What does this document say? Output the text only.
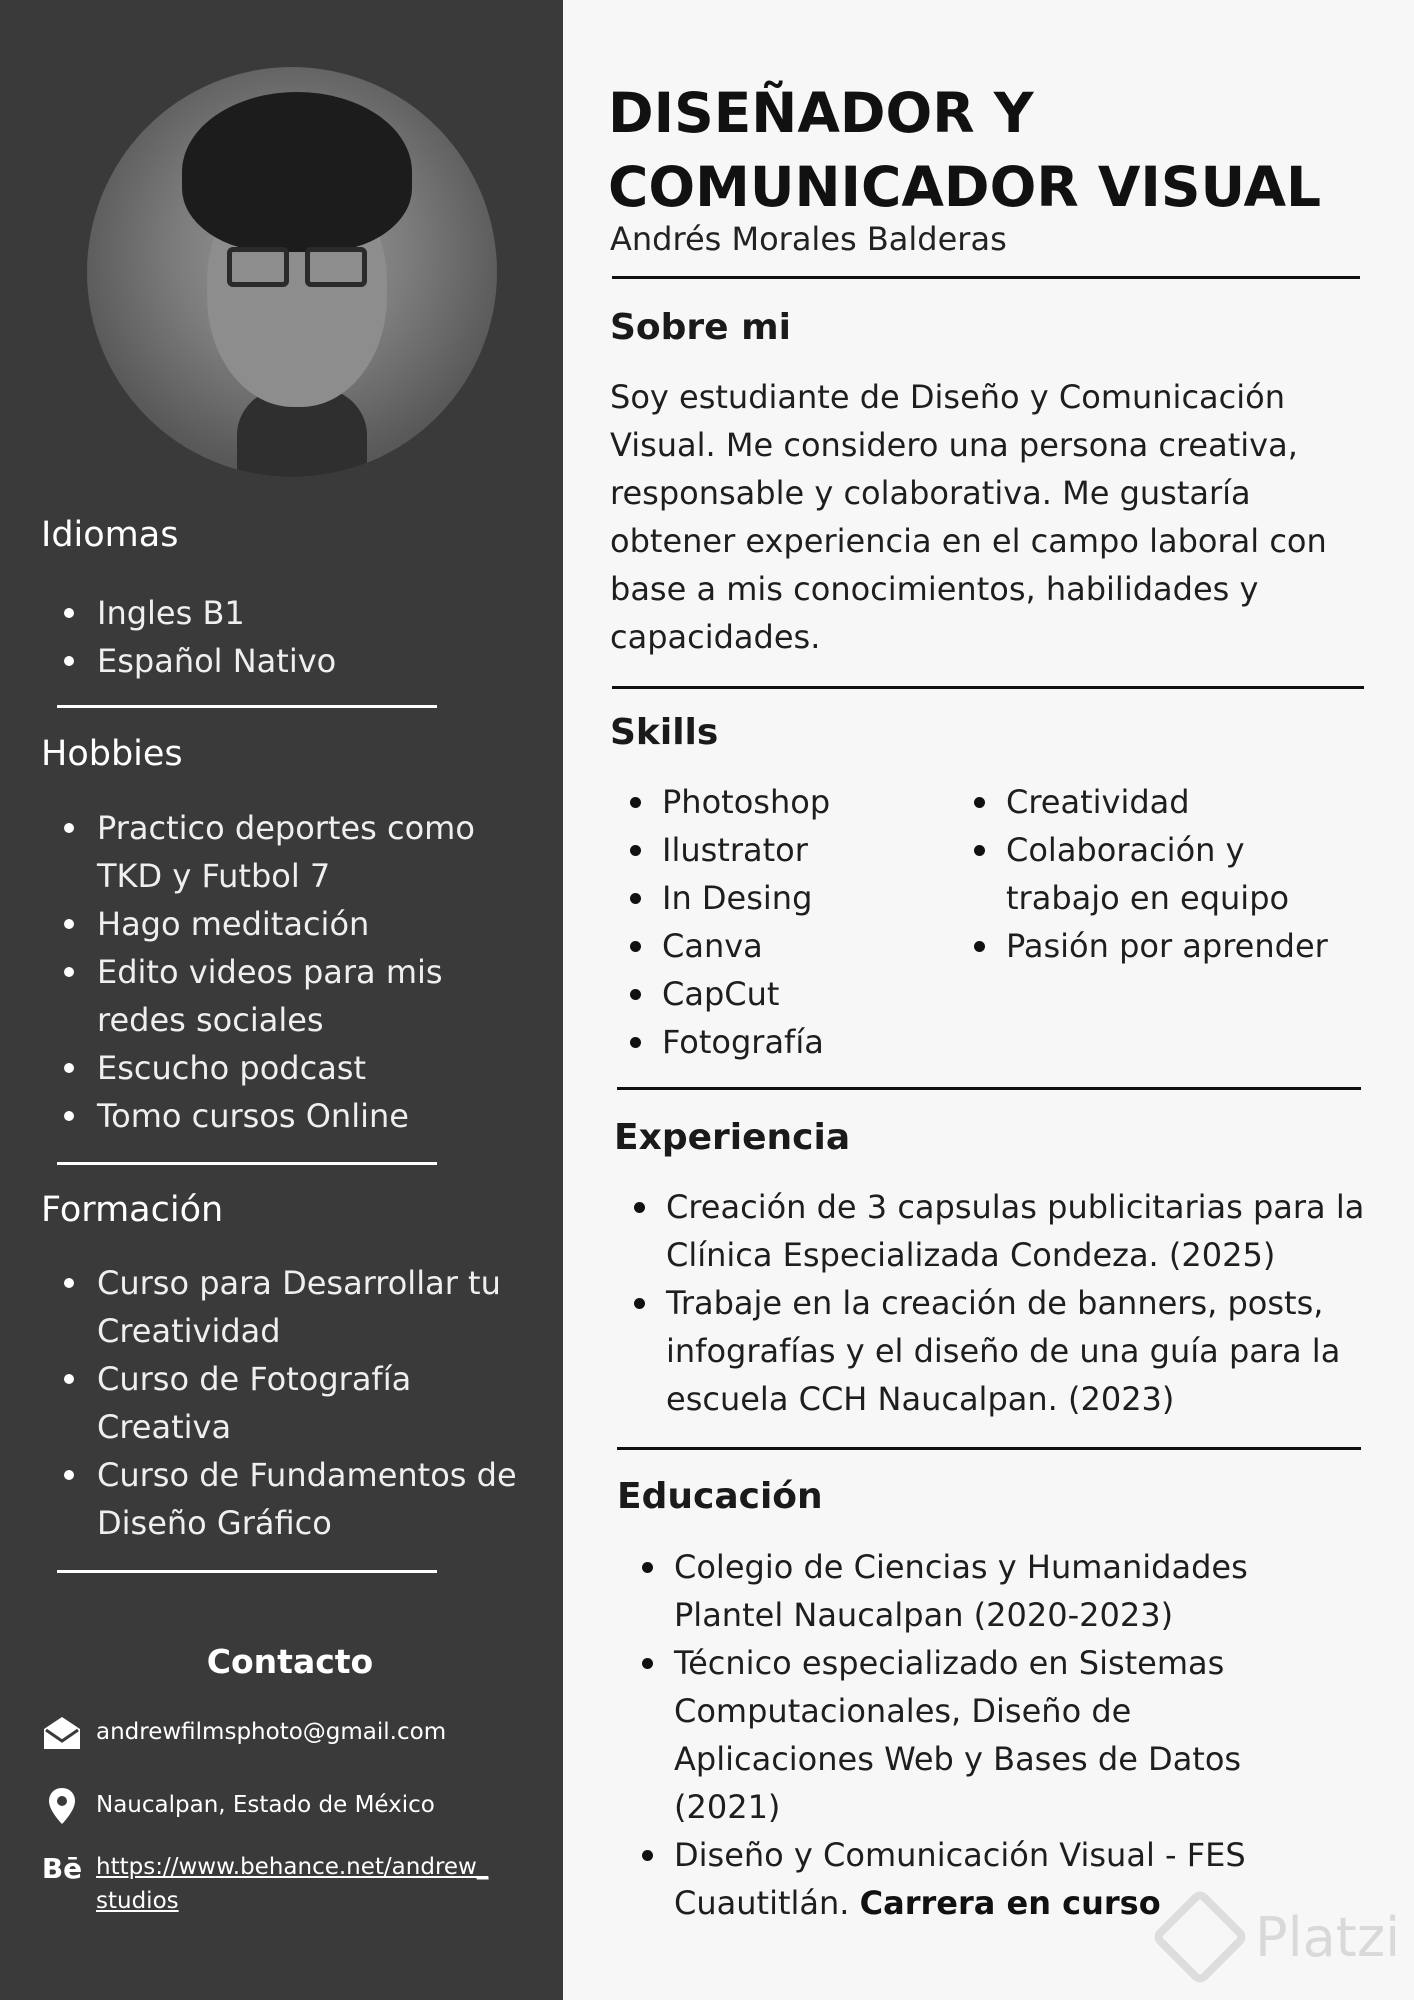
Idiomas
Ingles B1
Español Nativo
Hobbies
Practico deportes como TKD y Futbol 7
Hago meditación
Edito videos para mis redes sociales
Escucho podcast
Tomo cursos Online
Formación
Curso para Desarrollar tu Creatividad
Curso de Fotografía Creativa
Curso de Fundamentos de Diseño Gráfico
Contacto
andrewfilmsphoto@gmail.com
Naucalpan, Estado de México
Bē https://www.behance.net/andrew_studios
DISEÑADOR Y COMUNICADOR VISUAL
Andrés Morales Balderas
Sobre mi

Soy estudiante de Diseño y Comunicación Visual. Me considero una persona creativa, responsable y colaborativa. Me gustaría obtener experiencia en el campo laboral con base a mis conocimientos, habilidades y capacidades.

Skills
Photoshop
Ilustrator
In Desing
Canva
CapCut
Fotografía
Creatividad
Colaboración y trabajo en equipo
Pasión por aprender
Experiencia
Creación de 3 capsulas publicitarias para la Clínica Especializada Condeza. (2025)
Trabaje en la creación de banners, posts, infografías y el diseño de una guía para la escuela CCH Naucalpan. (2023)
Educación
Colegio de Ciencias y Humanidades Plantel Naucalpan (2020-2023)
Técnico especializado en Sistemas Computacionales, Diseño de Aplicaciones Web y Bases de Datos (2021)
Diseño y Comunicación Visual - FES Cuautitlán. Carrera en curso
Platzi
